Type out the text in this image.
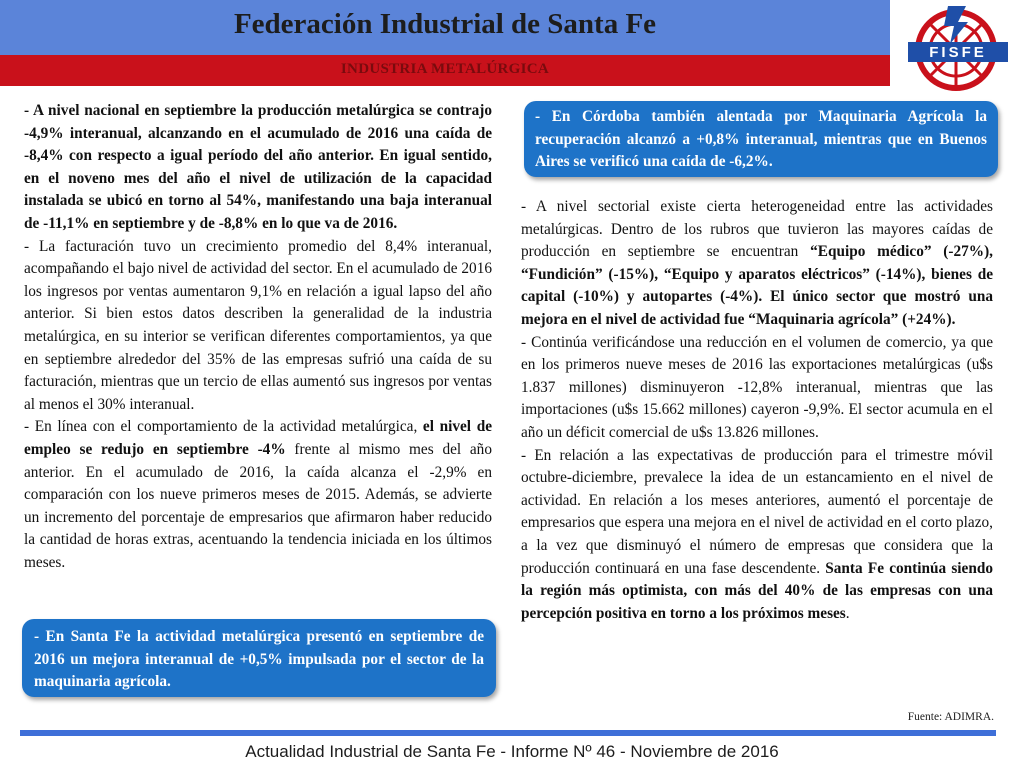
Federación Industrial de Santa Fe
INDUSTRIA METALÚRGICA
FISFE

- A nivel nacional en septiembre la producción metalúrgica se contrajo -4,9% interanual, alcanzando en el acumulado de 2016 una caída de -8,4% con respecto a igual período del año anterior. En igual sentido, en el noveno mes del año el nivel de utilización de la capacidad instalada se ubicó en torno al 54%, manifestando una baja interanual de -11,1% en septiembre y de -8,8% en lo que va de 2016.

- La facturación tuvo un crecimiento promedio del 8,4% interanual, acompañando el bajo nivel de actividad del sector. En el acumulado de 2016 los ingresos por ventas aumentaron 9,1% en relación a igual lapso del año anterior. Si bien estos datos describen la generalidad de la industria metalúrgica, en su interior se verifican diferentes comportamientos, ya que en septiembre alrededor del 35% de las empresas sufrió una caída de su facturación, mientras que un tercio de ellas aumentó sus ingresos por ventas al menos el 30% interanual.

- En línea con el comportamiento de la actividad metalúrgica, el nivel de empleo se redujo en septiembre -4% frente al mismo mes del año anterior. En el acumulado de 2016, la caída alcanza el -2,9% en comparación con los nueve primeros meses de 2015. Además, se advierte un incremento del porcentaje de empresarios que afirmaron haber reducido la cantidad de horas extras, acentuando la tendencia iniciada en los últimos meses.

- En Córdoba también alentada por Maquinaria Agrícola la recuperación alcanzó a +0,8% interanual, mientras que en Buenos Aires se verificó una caída de -6,2%.
- En Santa Fe la actividad metalúrgica presentó en septiembre de 2016 un mejora interanual de +0,5% impulsada por el sector de la maquinaria agrícola.

- A nivel sectorial existe cierta heterogeneidad entre las actividades metalúrgicas. Dentro de los rubros que tuvieron las mayores caídas de producción en septiembre se encuentran “Equipo médico” (-27%), “Fundición” (-15%), “Equipo y aparatos eléctricos” (-14%), bienes de capital (-10%) y autopartes (-4%). El único sector que mostró una mejora en el nivel de actividad fue “Maquinaria agrícola” (+24%).

- Continúa verificándose una reducción en el volumen de comercio, ya que en los primeros nueve meses de 2016 las exportaciones metalúrgicas (u$s 1.837 millones) disminuyeron -12,8% interanual, mientras que las importaciones (u$s 15.662 millones) cayeron -9,9%. El sector acumula en el año un déficit comercial de u$s 13.826 millones.

- En relación a las expectativas de producción para el trimestre móvil octubre-diciembre, prevalece la idea de un estancamiento en el nivel de actividad. En relación a los meses anteriores, aumentó el porcentaje de empresarios que espera una mejora en el nivel de actividad en el corto plazo, a la vez que disminuyó el número de empresas que considera que la producción continuará en una fase descendente. Santa Fe continúa siendo la región más optimista, con más del 40% de las empresas con una percepción positiva en torno a los próximos meses.

Fuente: ADIMRA.
Actualidad Industrial de Santa Fe - Informe Nº 46 - Noviembre de 2016
